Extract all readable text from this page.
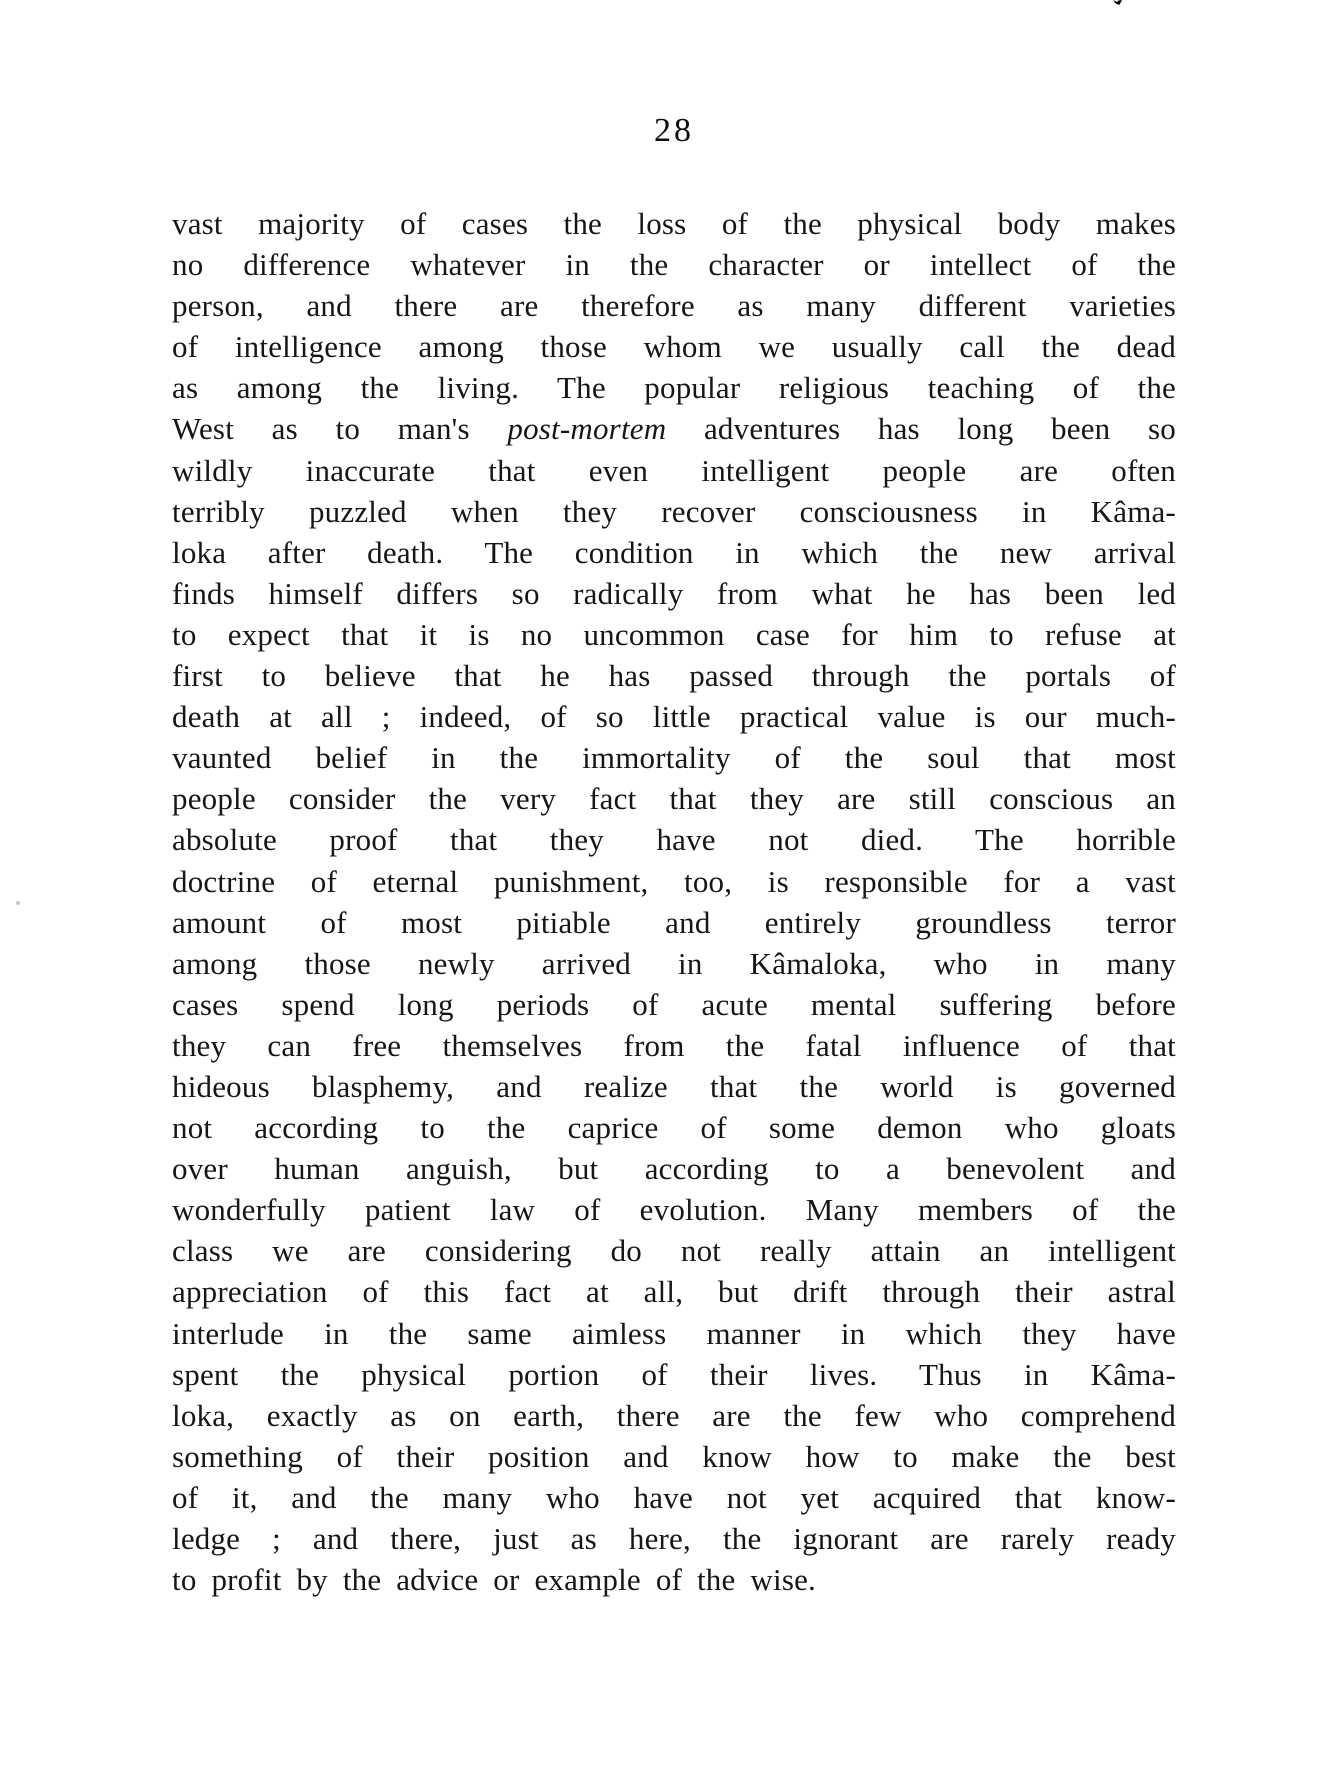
28
vast majority of cases the loss of the physical body makes
no difference whatever in the character or intellect of the
person, and there are therefore as many different varieties
of intelligence among those whom we usually call the dead
as among the living. The popular religious teaching of the
West as to man's post-mortem adventures has long been so
wildly inaccurate that even intelligent people are often
terribly puzzled when they recover consciousness in Kâma-
loka after death. The condition in which the new arrival
finds himself differs so radically from what he has been led
to expect that it is no uncommon case for him to refuse at
first to believe that he has passed through the portals of
death at all ; indeed, of so little practical value is our much-
vaunted belief in the immortality of the soul that most
people consider the very fact that they are still conscious an
absolute proof that they have not died. The horrible
doctrine of eternal punishment, too, is responsible for a vast
amount of most pitiable and entirely groundless terror
among those newly arrived in Kâmaloka, who in many
cases spend long periods of acute mental suffering before
they can free themselves from the fatal influence of that
hideous blasphemy, and realize that the world is governed
not according to the caprice of some demon who gloats
over human anguish, but according to a benevolent and
wonderfully patient law of evolution. Many members of the
class we are considering do not really attain an intelligent
appreciation of this fact at all, but drift through their astral
interlude in the same aimless manner in which they have
spent the physical portion of their lives. Thus in Kâma-
loka, exactly as on earth, there are the few who comprehend
something of their position and know how to make the best
of it, and the many who have not yet acquired that know-
ledge ; and there, just as here, the ignorant are rarely ready
to profit by the advice or example of the wise.
